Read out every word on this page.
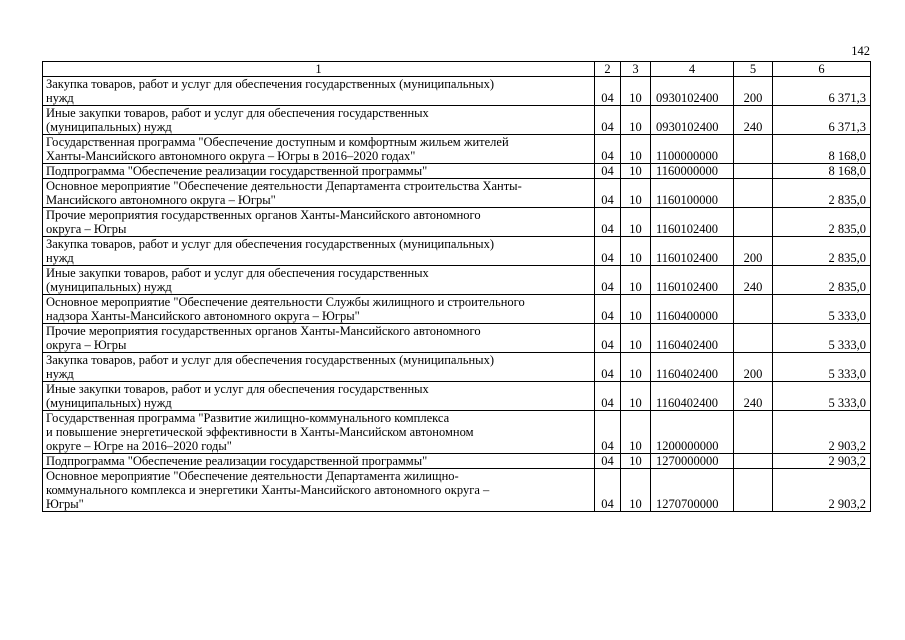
142
1	2	3	4	5	6

Закупка товаров, работ и услуг для обеспечения государственных (муниципальных)
нужд	04	10	0930102400	200	6 371,3

Иные закупки товаров, работ и услуг для обеспечения государственных
(муниципальных) нужд	04	10	0930102400	240	6 371,3

Государственная программа "Обеспечение доступным и комфортным жильем жителей
Ханты-Мансийского автономного округа – Югры в 2016–2020 годах"	04	10	1100000000		8 168,0

Подпрограмма "Обеспечение реализации государственной программы"	04	10	1160000000		8 168,0

Основное мероприятие "Обеспечение деятельности Департамента строительства Ханты-
Мансийского автономного округа – Югры"	04	10	1160100000		2 835,0

Прочие мероприятия государственных органов Ханты-Мансийского автономного
округа – Югры	04	10	1160102400		2 835,0

Закупка товаров, работ и услуг для обеспечения государственных (муниципальных)
нужд	04	10	1160102400	200	2 835,0

Иные закупки товаров, работ и услуг для обеспечения государственных
(муниципальных) нужд	04	10	1160102400	240	2 835,0

Основное мероприятие "Обеспечение деятельности Службы жилищного и строительного
надзора Ханты-Мансийского автономного округа – Югры"	04	10	1160400000		5 333,0

Прочие мероприятия государственных органов Ханты-Мансийского автономного
округа – Югры	04	10	1160402400		5 333,0

Закупка товаров, работ и услуг для обеспечения государственных (муниципальных)
нужд	04	10	1160402400	200	5 333,0

Иные закупки товаров, работ и услуг для обеспечения государственных
(муниципальных) нужд	04	10	1160402400	240	5 333,0

Государственная программа "Развитие жилищно-коммунального комплекса
и повышение энергетической эффективности в Ханты-Мансийском автономном
округе – Югре на 2016–2020 годы"	04	10	1200000000		2 903,2

Подпрограмма "Обеспечение реализации государственной программы"	04	10	1270000000		2 903,2

Основное мероприятие "Обеспечение деятельности Департамента жилищно-
коммунального комплекса и энергетики Ханты-Мансийского автономного округа –
Югры"	04	10	1270700000		2 903,2
